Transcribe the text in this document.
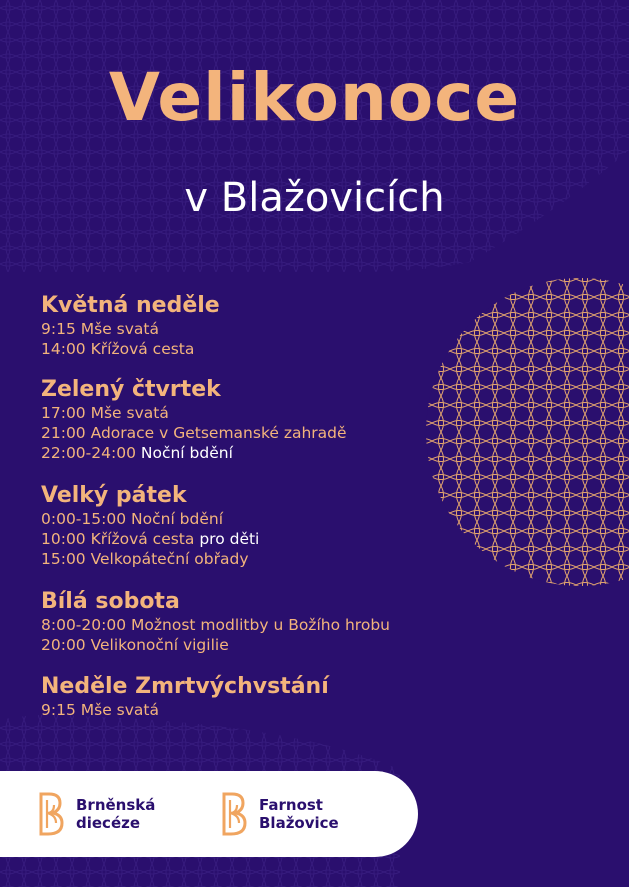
Velikonoce
v Blažovicích
Květná neděle
9:15 Mše svatá
14:00 Křížová cesta
Zelený čtvrtek
17:00 Mše svatá
21:00 Adorace v Getsemanské zahradě
22:00-24:00 Noční bdění
Velký pátek
0:00-15:00 Noční bdění
10:00 Křížová cesta pro děti
15:00 Velkopáteční obřady
Bílá sobota
8:00-20:00 Možnost modlitby u Božího hrobu
20:00 Velikonoční vigilie
Neděle Zmrtvýchvstání
9:15 Mše svatá
Brněnská
diecéze
Farnost
Blažovice
